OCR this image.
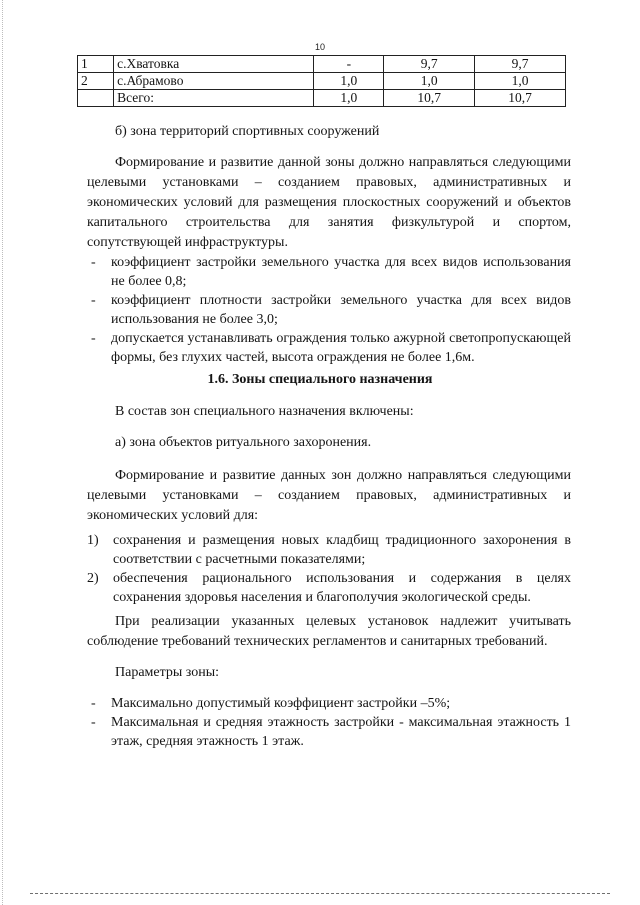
10
1	с.Хватовка	-	9,7	9,7
2	с.Абрамово	1,0	1,0	1,0
	Всего:	1,0	10,7	10,7
б) зона территорий спортивных сооружений
Формирование и развитие данной зоны должно направляться следующими целевыми установками – созданием правовых, административных и экономических условий для размещения плоскостных сооружений и объектов капитального строительства для занятия физкультурой и спортом, сопутствующей инфраструктуры.
- коэффициент застройки земельного участка для всех видов использования не более 0,8;
- коэффициент плотности застройки земельного участка для всех видов использования не более 3,0;
- допускается устанавливать ограждения только ажурной светопропускающей формы, без глухих частей, высота ограждения не более 1,6м.
1.6. Зоны специального назначения
В состав зон специального назначения включены:
а) зона объектов ритуального захоронения.
Формирование и развитие данных зон должно направляться следующими целевыми установками – созданием правовых, административных и экономических условий для:
1) сохранения и размещения новых кладбищ традиционного захоронения в соответствии с расчетными показателями;
2) обеспечения рационального использования и содержания в целях сохранения здоровья населения и благополучия экологической среды.
При реализации указанных целевых установок надлежит учитывать соблюдение требований технических регламентов и санитарных требований.
Параметры зоны:
- Максимально допустимый коэффициент застройки –5%;
- Максимальная и средняя этажность застройки - максимальная этажность 1 этаж, средняя этажность 1 этаж.
